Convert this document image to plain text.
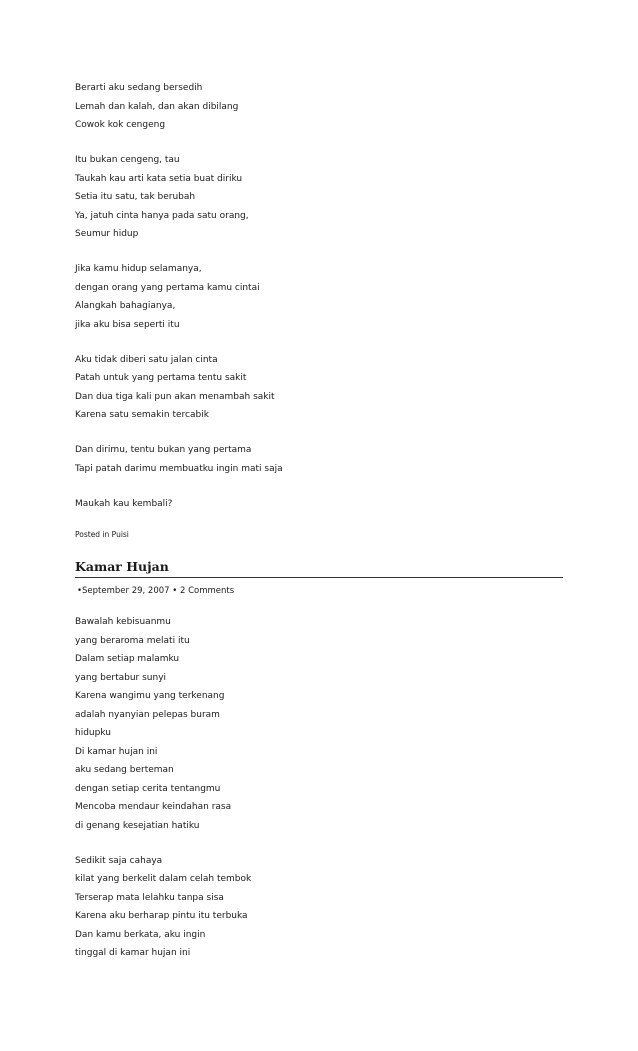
Berarti aku sedang bersedih
Lemah dan kalah, dan akan dibilang
Cowok kok cengeng
Itu bukan cengeng, tau
Taukah kau arti kata setia buat diriku
Setia itu satu, tak berubah
Ya, jatuh cinta hanya pada satu orang,
Seumur hidup
Jika kamu hidup selamanya,
dengan orang yang pertama kamu cintai
Alangkah bahagianya,
jika aku bisa seperti itu
Aku tidak diberi satu jalan cinta
Patah untuk yang pertama tentu sakit
Dan dua tiga kali pun akan menambah sakit
Karena satu semakin tercabik
Dan dirimu, tentu bukan yang pertama
Tapi patah darimu membuatku ingin mati saja
Maukah kau kembali?
Posted in Puisi
Kamar Hujan
•September 29, 2007 • 2 Comments
Bawalah kebisuanmu
yang beraroma melati itu
Dalam setiap malamku
yang bertabur sunyi
Karena wangimu yang terkenang
adalah nyanyian pelepas buram
hidupku
Di kamar hujan ini
aku sedang berteman
dengan setiap cerita tentangmu
Mencoba mendaur keindahan rasa
di genang kesejatian hatiku
Sedikit saja cahaya
kilat yang berkelit dalam celah tembok
Terserap mata lelahku tanpa sisa
Karena aku berharap pintu itu terbuka
Dan kamu berkata, aku ingin
tinggal di kamar hujan ini
